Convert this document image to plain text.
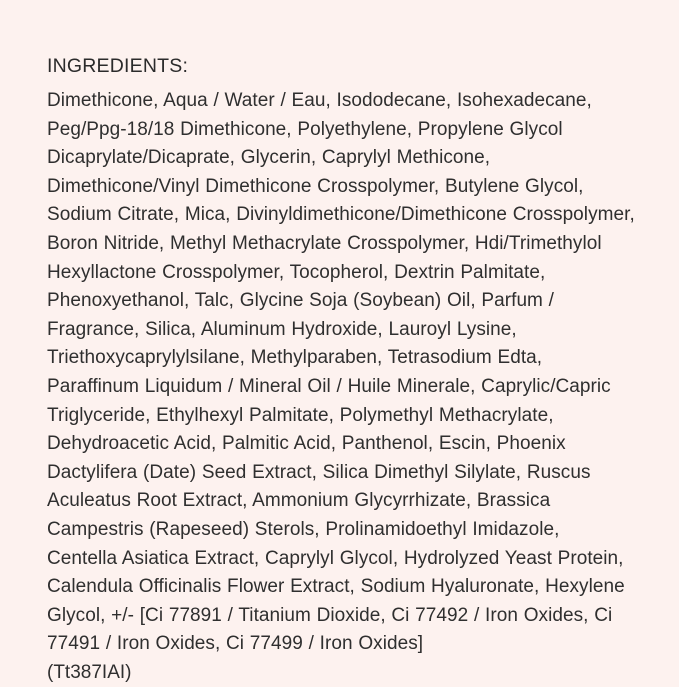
INGREDIENTS:

Dimethicone, Aqua / Water / Eau, Isododecane, Isohexadecane, Peg/Ppg-18/18 Dimethicone, Polyethylene, Propylene Glycol Dicaprylate/Dicaprate, Glycerin, Caprylyl Methicone, Dimethicone/Vinyl Dimethicone Crosspolymer, Butylene Glycol, Sodium Citrate, Mica, Divinyldimethicone/Dimethicone Crosspolymer, Boron Nitride, Methyl Methacrylate Crosspolymer, Hdi/Trimethylol Hexyllactone Crosspolymer, Tocopherol, Dextrin Palmitate, Phenoxyethanol, Talc, Glycine Soja (Soybean) Oil, Parfum / Fragrance, Silica, Aluminum Hydroxide, Lauroyl Lysine, Triethoxycaprylylsilane, Methylparaben, Tetrasodium Edta, Paraffinum Liquidum / Mineral Oil / Huile Minerale, Caprylic/Capric Triglyceride, Ethylhexyl Palmitate, Polymethyl Methacrylate, Dehydroacetic Acid, Palmitic Acid, Panthenol, Escin, Phoenix Dactylifera (Date) Seed Extract, Silica Dimethyl Silylate, Ruscus Aculeatus Root Extract, Ammonium Glycyrrhizate, Brassica Campestris (Rapeseed) Sterols, Prolinamidoethyl Imidazole, Centella Asiatica Extract, Caprylyl Glycol, Hydrolyzed Yeast Protein, Calendula Officinalis Flower Extract, Sodium Hyaluronate, Hexylene Glycol, +/- [Ci 77891 / Titanium Dioxide, Ci 77492 / Iron Oxides, Ci 77491 / Iron Oxides, Ci 77499 / Iron Oxides]

(Tt387IAI)
